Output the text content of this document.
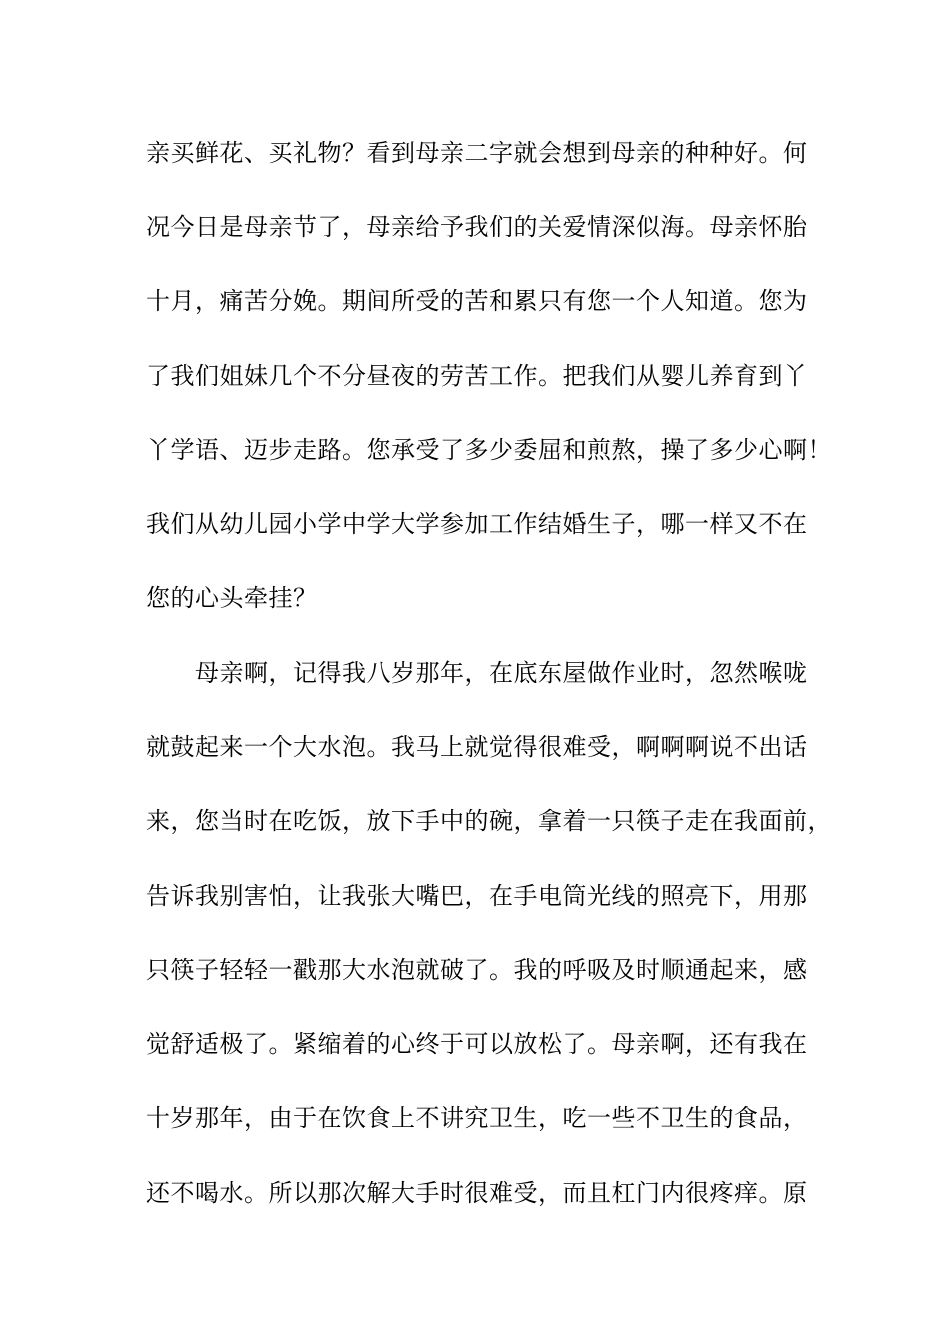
亲买鲜花、买礼物？看到母亲二字就会想到母亲的种种好。何
况今日是母亲节了，母亲给予我们的关爱情深似海。母亲怀胎
十月，痛苦分娩。期间所受的苦和累只有您一个人知道。您为
了我们姐妹几个不分昼夜的劳苦工作。把我们从婴儿养育到丫
丫学语、迈步走路。您承受了多少委屈和煎熬，操了多少心啊！
我们从幼儿园小学中学大学参加工作结婚生子，哪一样又不在
您的心头牵挂？
　　母亲啊，记得我八岁那年，在底东屋做作业时，忽然喉咙
就鼓起来一个大水泡。我马上就觉得很难受，啊啊啊说不出话
来，您当时在吃饭，放下手中的碗，拿着一只筷子走在我面前，
告诉我别害怕，让我张大嘴巴，在手电筒光线的照亮下，用那
只筷子轻轻一戳那大水泡就破了。我的呼吸及时顺通起来，感
觉舒适极了。紧缩着的心终于可以放松了。母亲啊，还有我在
十岁那年，由于在饮食上不讲究卫生，吃一些不卫生的食品，
还不喝水。所以那次解大手时很难受，而且杠门内很疼痒。原
